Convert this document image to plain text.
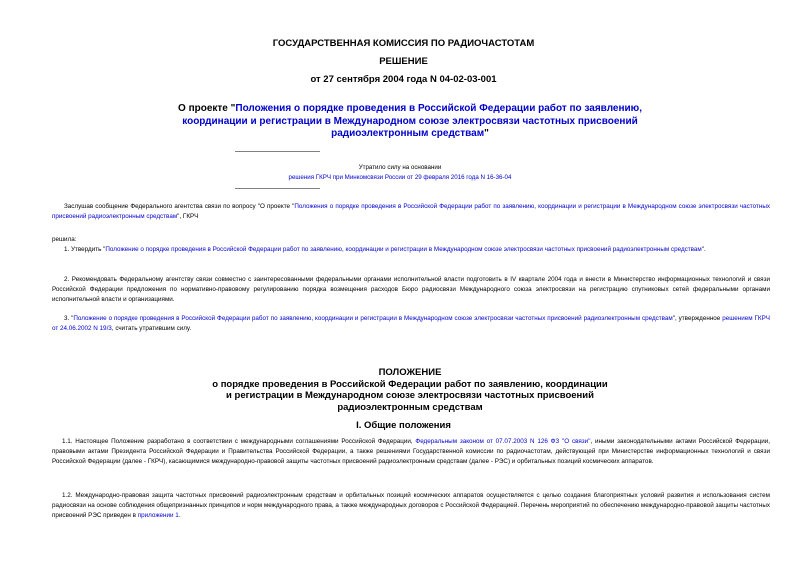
ГОСУДАРСТВЕННАЯ КОМИССИЯ ПО РАДИОЧАСТОТАМ
РЕШЕНИЕ
от 27 сентября 2004 года N 04-02-03-001
О проекте "Положения о порядке проведения в Российской Федерации работ по заявлению, координации и регистрации в Международном союзе электросвязи частотных присвоений радиоэлектронным средствам"
Утратило силу на основании
решения ГКРЧ при Минкомсвязи России от 29 февраля 2016 года N 16-36-04
Заслушав сообщение Федерального агентства связи по вопросу "О проекте "Положения о порядке проведения в Российской Федерации работ по заявлению, координации и регистрации в Международном союзе электросвязи частотных присвоений радиоэлектронным средствам", ГКРЧ
решила:
1. Утвердить "Положение о порядке проведения в Российской Федерации работ по заявлению, координации и регистрации в Международном союзе электросвязи частотных присвоений радиоэлектронным средствам".
2. Рекомендовать Федеральному агентству связи совместно с заинтересованными федеральными органами исполнительной власти подготовить в IV квартале 2004 года и внести в Министерство информационных технологий и связи Российской Федерации предложения по нормативно-правовому регулированию порядка возмещения расходов Бюро радиосвязи Международного союза электросвязи на регистрацию спутниковых сетей федеральными органами исполнительной власти и организациями.
3. "Положение о порядке проведения в Российской Федерации работ по заявлению, координации и регистрации в Международном союзе электросвязи частотных присвоений радиоэлектронным средствам", утвержденное решением ГКРЧ от 24.06.2002 N 19/3, считать утратившим силу.
ПОЛОЖЕНИЕ
о порядке проведения в Российской Федерации работ по заявлению, координации
и регистрации в Международном союзе электросвязи частотных присвоений
радиоэлектронным средствам
I. Общие положения
1.1. Настоящее Положение разработано в соответствии с международными соглашениями Российской Федерации, Федеральным законом от 07.07.2003 N 126 ФЗ "О связи", иными законодательными актами Российской Федерации, правовыми актами Президента Российской Федерации и Правительства Российской Федерации, а также решениями Государственной комиссии по радиочастотам, действующей при Министерстве информационных технологий и связи Российской Федерации (далее - ГКРЧ), касающимися международно-правовой защиты частотных присвоений радиоэлектронным средствам (далее - РЭС) и орбитальных позиций космических аппаратов.
1.2. Международно-правовая защита частотных присвоений радиоэлектронным средствам и орбитальных позиций космических аппаратов осуществляется с целью создания благоприятных условий развития и использования систем радиосвязи на основе соблюдения общепризнанных принципов и норм международного права, а также международных договоров с Российской Федерацией. Перечень мероприятий по обеспечению международно-правовой защиты частотных присвоений РЭС приведен в приложении 1.
